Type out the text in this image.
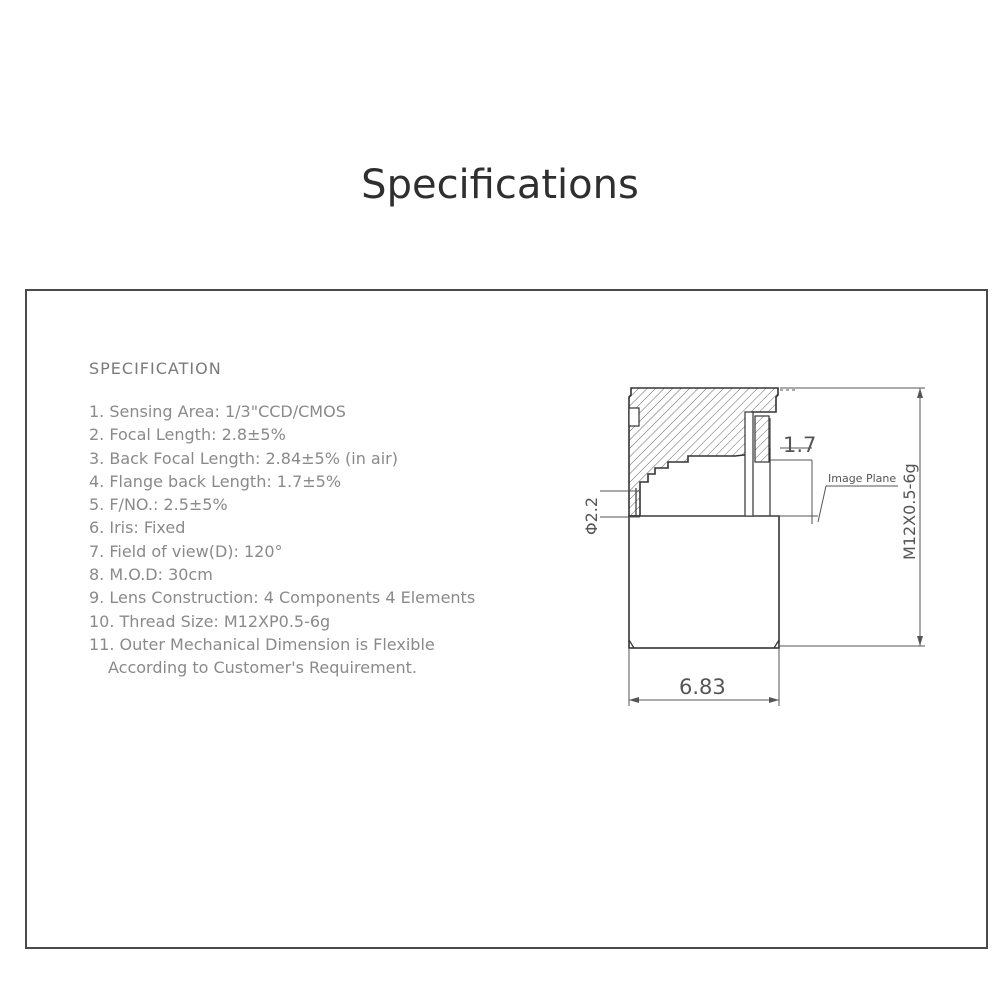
Specifications
SPECIFICATION
1. Sensing Area: 1/3"CCD/CMOS
2. Focal Length: 2.8±5%
3. Back Focal Length: 2.84±5% (in air)
4. Flange back Length: 1.7±5%
5. F/NO.: 2.5±5%
6. Iris: Fixed
7. Field of view(D): 120°
8. M.O.D: 30cm
9. Lens Construction: 4 Components 4 Elements
10. Thread Size: M12XP0.5-6g
11. Outer Mechanical Dimension is Flexible
According to Customer's Requirement.
1.7
Image Plane
Φ2.2	M12X0.5-6g
6.83
